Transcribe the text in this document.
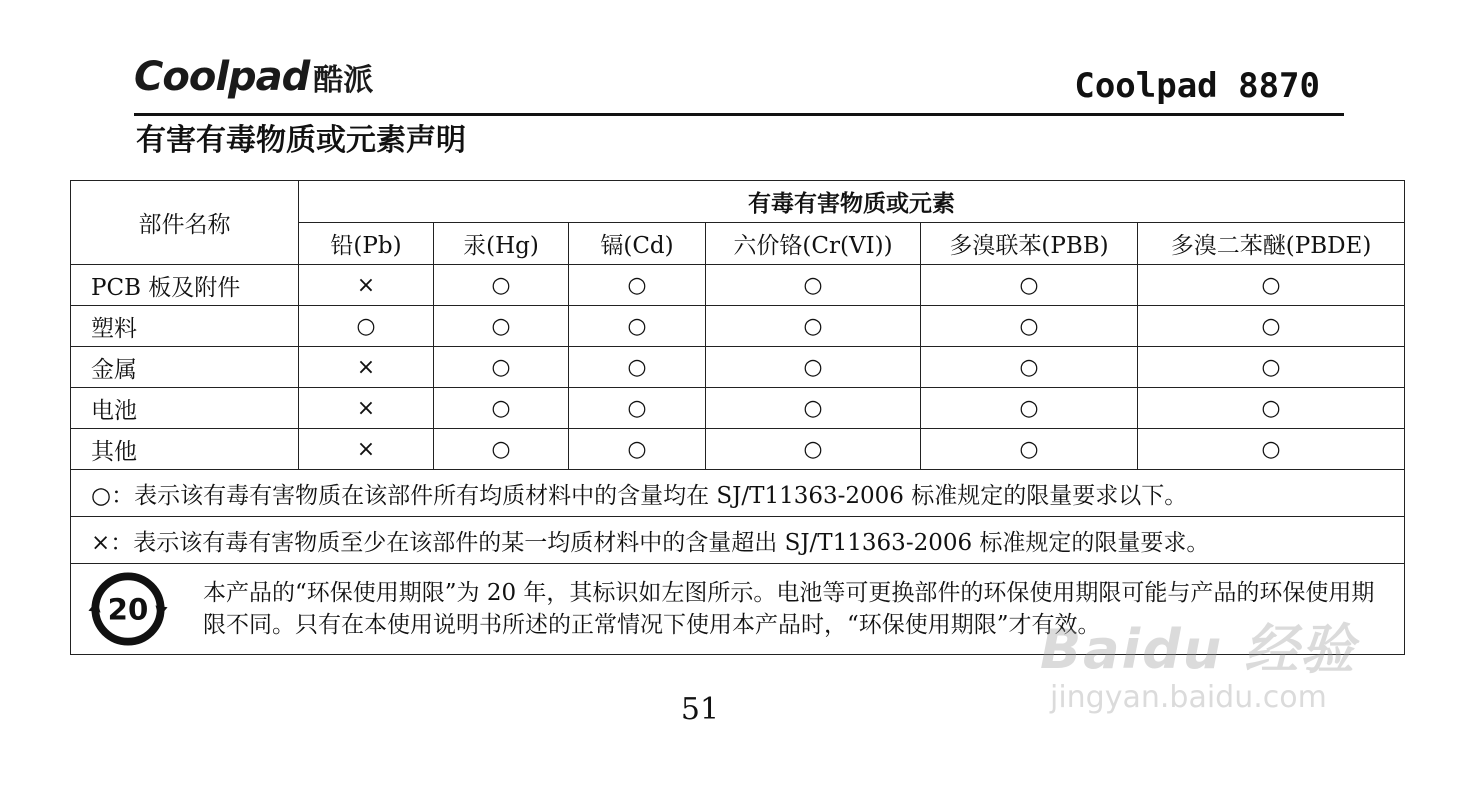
Coolpad 酷派	Coolpad 8870
有害有毒物质或元素声明
部件名称	有毒有害物质或元素					
	铅(Pb)	汞(Hg)	镉(Cd)	六价铬(Cr(VI))	多溴联苯(PBB)	多溴二苯醚(PBDE)
PCB 板及附件	×	○	○	○	○	○
塑料	○	○	○	○	○	○
金属	×	○	○	○	○	○
电池	×	○	○	○	○	○
其他	×	○	○	○	○	○
○：表示该有毒有害物质在该部件所有均质材料中的含量均在 SJ/T11363-2006 标准规定的限量要求以下。						
×：表示该有毒有害物质至少在该部件的某一均质材料中的含量超出 SJ/T11363-2006 标准规定的限量要求。						

20 本产品的“环保使用期限”为 20 年，其标识如左图所示。电池等可更换部件的环保使用期限可能与产品的环保使用期限不同。只有在本使用说明书所述的正常情况下使用本产品时，“环保使用期限”才有效。						
51
Baidu 经验
jingyan.baidu.com
